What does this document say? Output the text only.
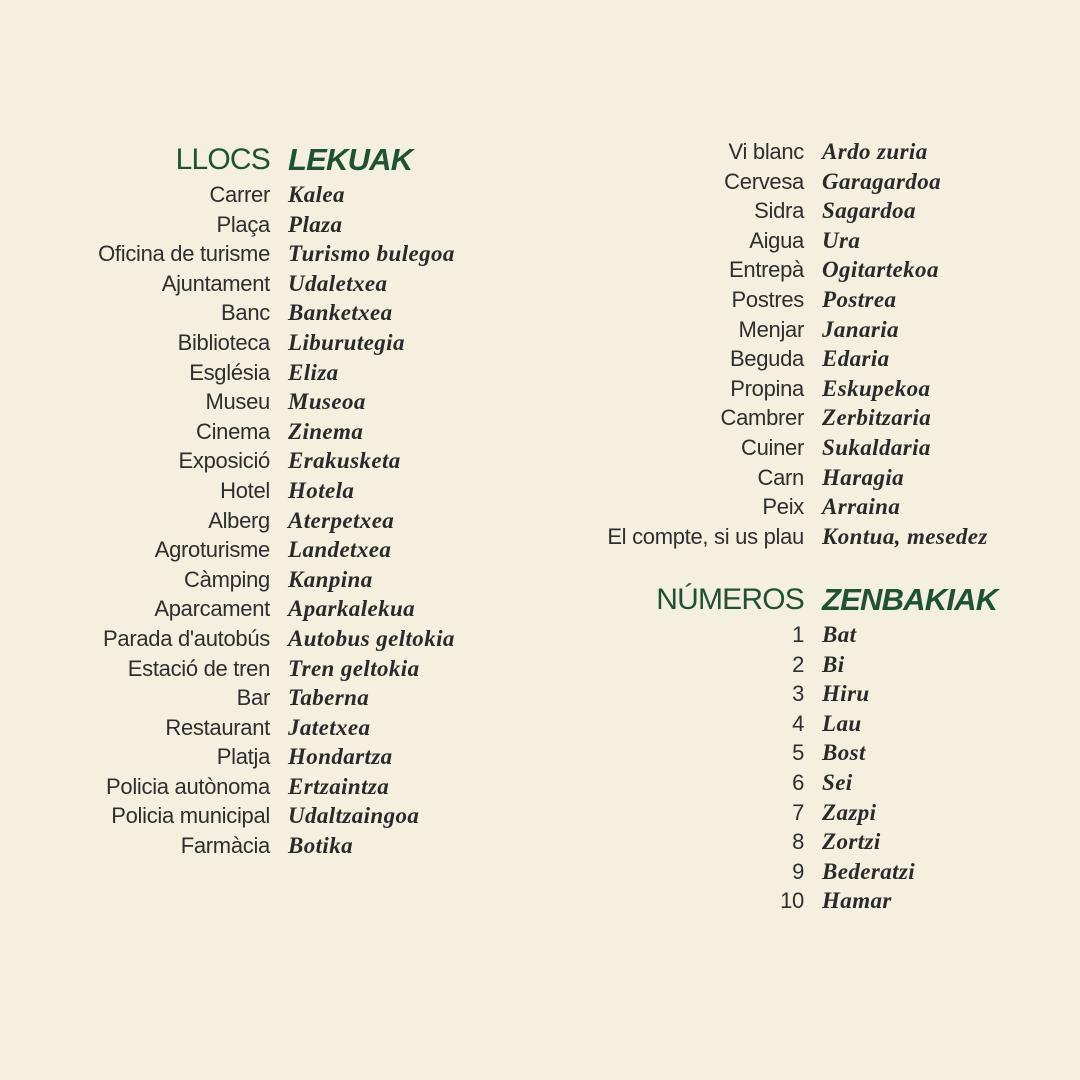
LLOCS LEKUAK
Carrer Kalea
Plaça Plaza
Oficina de turisme Turismo bulegoa
Ajuntament Udaletxea
Banc Banketxea
Biblioteca Liburutegia
Església Eliza
Museu Museoa
Cinema Zinema
Exposició Erakusketa
Hotel Hotela
Alberg Aterpetxea
Agroturisme Landetxea
Càmping Kanpina
Aparcament Aparkalekua
Parada d'autobús Autobus geltokia
Estació de tren Tren geltokia
Bar Taberna
Restaurant Jatetxea
Platja Hondartza
Policia autònoma Ertzaintza
Policia municipal Udaltzaingoa
Farmàcia Botika
Vi blanc Ardo zuria
Cervesa Garagardoa
Sidra Sagardoa
Aigua Ura
Entrepà Ogitartekoa
Postres Postrea
Menjar Janaria
Beguda Edaria
Propina Eskupekoa
Cambrer Zerbitzaria
Cuiner Sukaldaria
Carn Haragia
Peix Arraina
El compte, si us plau Kontua, mesedez
NÚMEROS ZENBAKIAK
1 Bat
2 Bi
3 Hiru
4 Lau
5 Bost
6 Sei
7 Zazpi
8 Zortzi
9 Bederatzi
10 Hamar
